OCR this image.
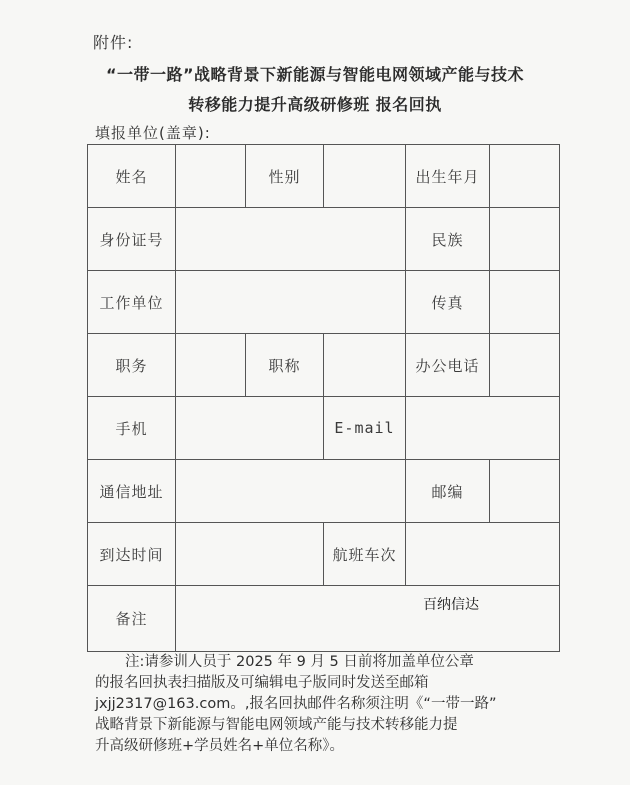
附件:
“一带一路”战略背景下新能源与智能电网领域产能与技术
转移能力提升高级研修班 报名回执
填报单位(盖章):
姓名		性别		出生年月	
身份证号				民族	
工作单位				传真	
职务		职称		办公电话	
手机			E-mail		
通信地址				邮编	
到达时间			航班车次		
备注	百纳信达				

注:请参训人员于 2025 年 9 月 5 日前将加盖单位公章

的报名回执表扫描版及可编辑电子版同时发送至邮箱

jxjj2317@163.com。,报名回执邮件名称须注明《“一带一路”

战略背景下新能源与智能电网领域产能与技术转移能力提

升高级研修班+学员姓名+单位名称》。
